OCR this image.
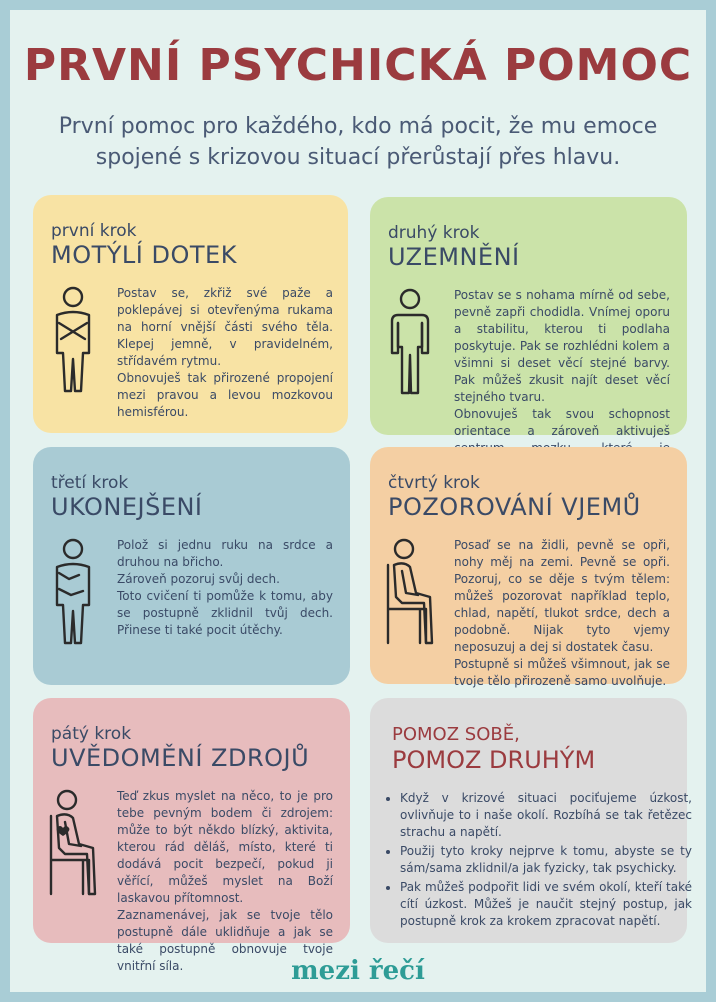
PRVNÍ PSYCHICKÁ POMOC

První pomoc pro každého, kdo má pocit, že mu emoce spojené s krizovou situací přerůstají přes hlavu.

první krok

MOTÝLÍ DOTEK

Postav se, zkřiž své paže a poklepávej si otevřenýma rukama na horní vnější části svého těla. Klepej jemně, v pravidelném, střídavém rytmu.

Obnovuješ tak přirozené propojení mezi pravou a levou mozkovou hemisférou.

druhý krok

UZEMNĚNÍ

Postav se s nohama mírně od sebe, pevně zapři chodidla. Vnímej oporu a stabilitu, kterou ti podlaha poskytuje. Pak se rozhlédni kolem a všimni si deset věcí stejné barvy. Pak můžeš zkusit najít deset věcí stejného tvaru.

Obnovuješ tak svou schopnost orientace a zároveň aktivuješ

třetí krok

UKONEJŠENÍ

Polož si jednu ruku na srdce a druhou na břicho.

Zároveň pozoruj svůj dech.

Toto cvičení ti pomůže k tomu, aby se postupně zklidnil tvůj dech. Přinese ti také pocit útěchy.

čtvrtý krok

POZOROVÁNÍ VJEMŮ

Posaď se na židli, pevně se opři, nohy měj na zemi. Pevně se opři. Pozoruj, co se děje s tvým tělem: můžeš pozorovat například teplo, chlad, napětí, tlukot srdce, dech a podobně. Nijak tyto vjemy neposuzuj a dej si dostatek času.

Postupně si můžeš všimnout, jak se tvoje tělo přirozeně samo uvolňuje.

pátý krok

UVĚDOMĚNÍ ZDROJŮ

Teď zkus myslet na něco, to je pro tebe pevným bodem či zdrojem: může to být někdo blízký, aktivita, kterou rád děláš, místo, které ti dodává pocit bezpečí, pokud ji věřící, můžeš myslet na Boží laskavou přítomnost.

Zaznamenávej, jak se tvoje tělo postupně dále uklidňuje a jak se také postupně obnovuje tvoje vnitřní síla.

POMOZ SOBĚ,

POMOZ DRUHÝM

• Když v krizové situaci pociťujeme úzkost, ovlivňuje to i naše okolí. Rozbíhá se tak řetězec strachu a napětí.
• Použij tyto kroky nejprve k tomu, abyste se ty sám/sama zklidnil/a jak fyzicky, tak psychicky.
• Pak můžeš podpořit lidi ve svém okolí, kteří také cítí úzkost. Můžeš je naučit stejný postup, jak postupně krok za krokem zpracovat napětí.

mezi řečí
